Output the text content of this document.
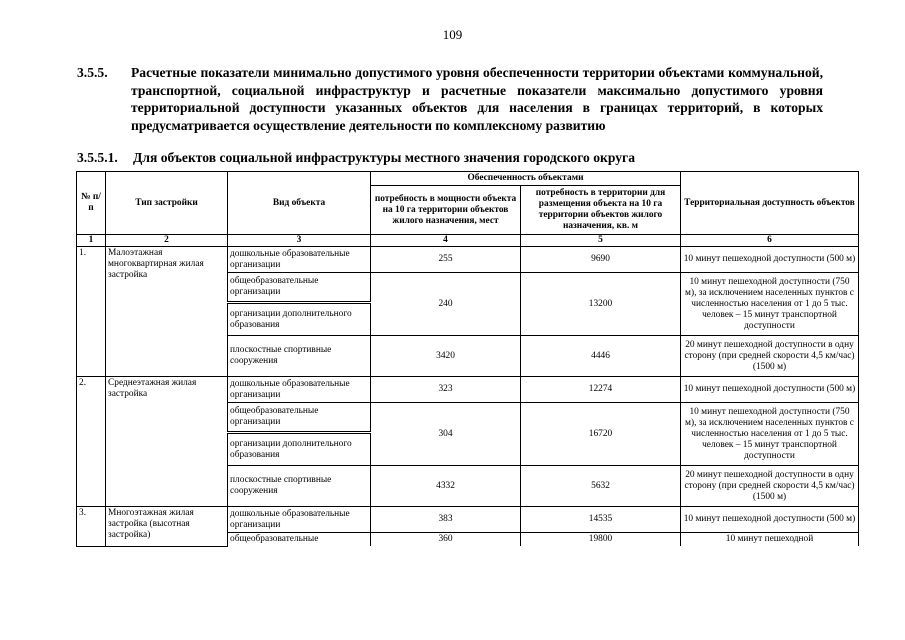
109
3.5.5. Расчетные показатели минимально допустимого уровня обеспеченности территории объектами коммунальной, транспортной, социальной инфраструктур и расчетные показатели максимально допустимого уровня территориальной доступности указанных объектов для населения в границах территорий, в которых предусматривается осуществление деятельности по комплексному развитию
3.5.5.1. Для объектов социальной инфраструктуры местного значения городского округа
№ п/п	Тип застройки	Вид объекта	Обеспеченность объектами		Территориальная доступность объектов
			потребность в мощности объекта на 10 га территории объектов жилого назначения, мест	потребность в территории для размещения объекта на 10 га территории объектов жилого назначения, кв. м	
1	2	3	4	5	6
1.	Малоэтажная многоквартирная жилая застройка	дошкольные образовательные организации	255	9690	10 минут пешеходной доступности (500 м)
		общеобразовательные организации	240	13200	10 минут пешеходной доступности (750 м), за исключением населенных пунктов с численностью населения от 1 до 5 тыс. человек – 15 минут транспортной доступности
		организации дополнительного образования			
		плоскостные спортивные сооружения	3420	4446	20 минут пешеходной доступности в одну сторону (при средней скорости 4,5 км/час) (1500 м)
2.	Среднеэтажная жилая застройка	дошкольные образовательные организации	323	12274	10 минут пешеходной доступности (500 м)
		общеобразовательные организации	304	16720	10 минут пешеходной доступности (750 м), за исключением населенных пунктов с численностью населения от 1 до 5 тыс. человек – 15 минут транспортной доступности
		организации дополнительного образования			
		плоскостные спортивные сооружения	4332	5632	20 минут пешеходной доступности в одну сторону (при средней скорости 4,5 км/час) (1500 м)
3.	Многоэтажная жилая застройка (высотная застройка)	дошкольные образовательные организации	383	14535	10 минут пешеходной доступности (500 м)
		общеобразовательные	360	19800	10 минут пешеходной
